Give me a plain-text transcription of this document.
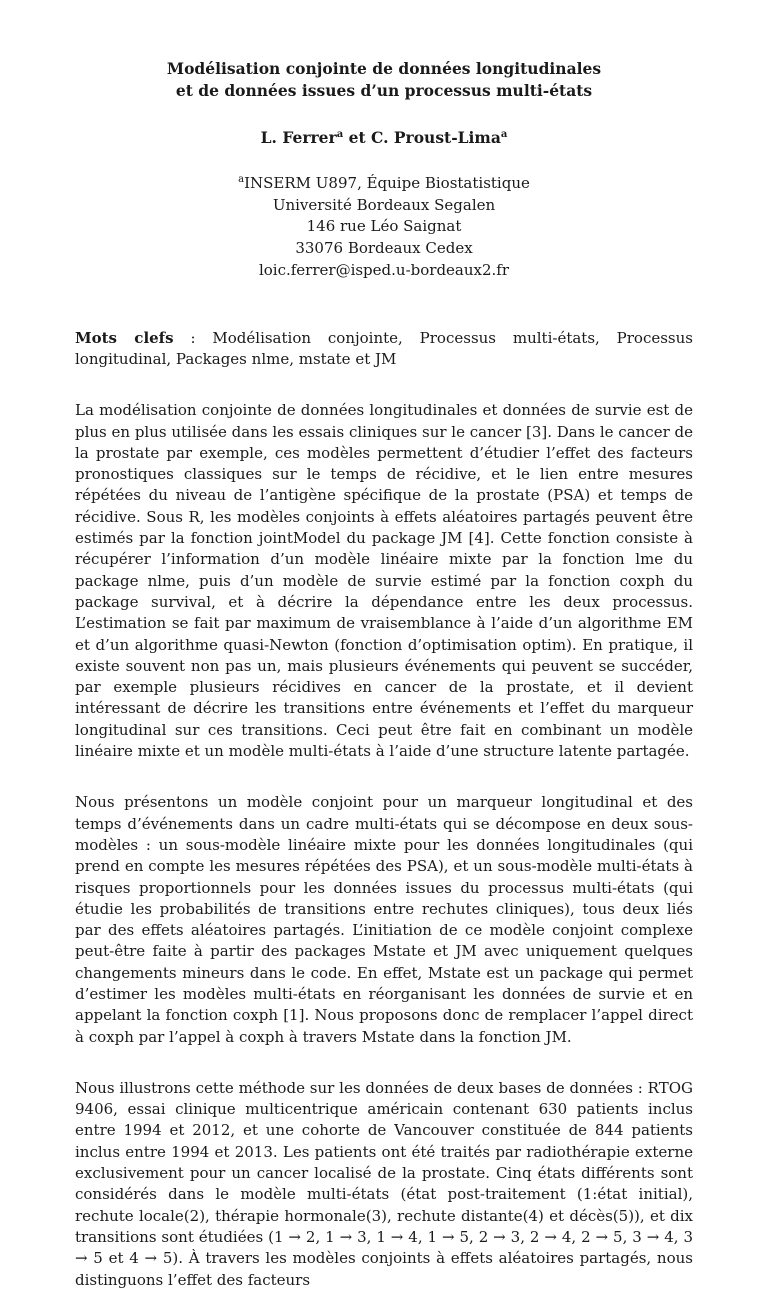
Modélisation conjointe de données longitudinales
et de données issues d’un processus multi-états
L. Ferrer$^a$ et C. Proust-Lima$^a$
$^a$INSERM U897, Équipe Biostatistique
Université Bordeaux Segalen
146 rue Léo Saignat
33076 Bordeaux Cedex
loic.ferrer@isped.u-bordeaux2.fr
Mots clefs : Modélisation conjointe, Processus multi-états, Processus longitudinal, Packages nlme, mstate et JM

La modélisation conjointe de données longitudinales et données de survie est de plus en plus utilisée dans les essais cliniques sur le cancer [3]. Dans le cancer de la prostate par exemple, ces modèles permettent d’étudier l’effet des facteurs pronostiques classiques sur le temps de récidive, et le lien entre mesures répétées du niveau de l’antigène spécifique de la prostate (PSA) et temps de récidive. Sous R, les modèles conjoints à effets aléatoires partagés peuvent être estimés par la fonction jointModel du package JM [4]. Cette fonction consiste à récupérer l’information d’un modèle linéaire mixte par la fonction lme du package nlme, puis d’un modèle de survie estimé par la fonction coxph du package survival, et à décrire la dépendance entre les deux processus. L’estimation se fait par maximum de vraisemblance à l’aide d’un algorithme EM et d’un algorithme quasi-Newton (fonction d’optimisation optim). En pratique, il existe souvent non pas un, mais plusieurs événements qui peuvent se succéder, par exemple plusieurs récidives en cancer de la prostate, et il devient intéressant de décrire les transitions entre événements et l’effet du marqueur longitudinal sur ces transitions. Ceci peut être fait en combinant un modèle linéaire mixte et un modèle multi-états à l’aide d’une structure latente partagée.

Nous présentons un modèle conjoint pour un marqueur longitudinal et des temps d’événements dans un cadre multi-états qui se décompose en deux sous-modèles : un sous-modèle linéaire mixte pour les données longitudinales (qui prend en compte les mesures répétées des PSA), et un sous-modèle multi-états à risques proportionnels pour les données issues du processus multi-états (qui étudie les probabilités de transitions entre rechutes cliniques), tous deux liés par des effets aléatoires partagés. L’initiation de ce modèle conjoint complexe peut-être faite à partir des packages Mstate et JM avec uniquement quelques changements mineurs dans le code. En effet, Mstate est un package qui permet d’estimer les modèles multi-états en réorganisant les données de survie et en appelant la fonction coxph [1]. Nous proposons donc de remplacer l’appel direct à coxph par l’appel à coxph à travers Mstate dans la fonction JM.

Nous illustrons cette méthode sur les données de deux bases de données : RTOG 9406, essai clinique multicentrique américain contenant 630 patients inclus entre 1994 et 2012, et une cohorte de Vancouver constituée de 844 patients inclus entre 1994 et 2013. Les patients ont été traités par radiothérapie externe exclusivement pour un cancer localisé de la prostate. Cinq états différents sont considérés dans le modèle multi-états (état post-traitement (1:état initial), rechute locale(2), thérapie hormonale(3), rechute distante(4) et décès(5)), et dix transitions sont étudiées (1 → 2, 1 → 3, 1 → 4, 1 → 5, 2 → 3, 2 → 4, 2 → 5, 3 → 4, 3 → 5 et 4 → 5). À travers les modèles conjoints à effets aléatoires partagés, nous distinguons l’effet des facteurs
